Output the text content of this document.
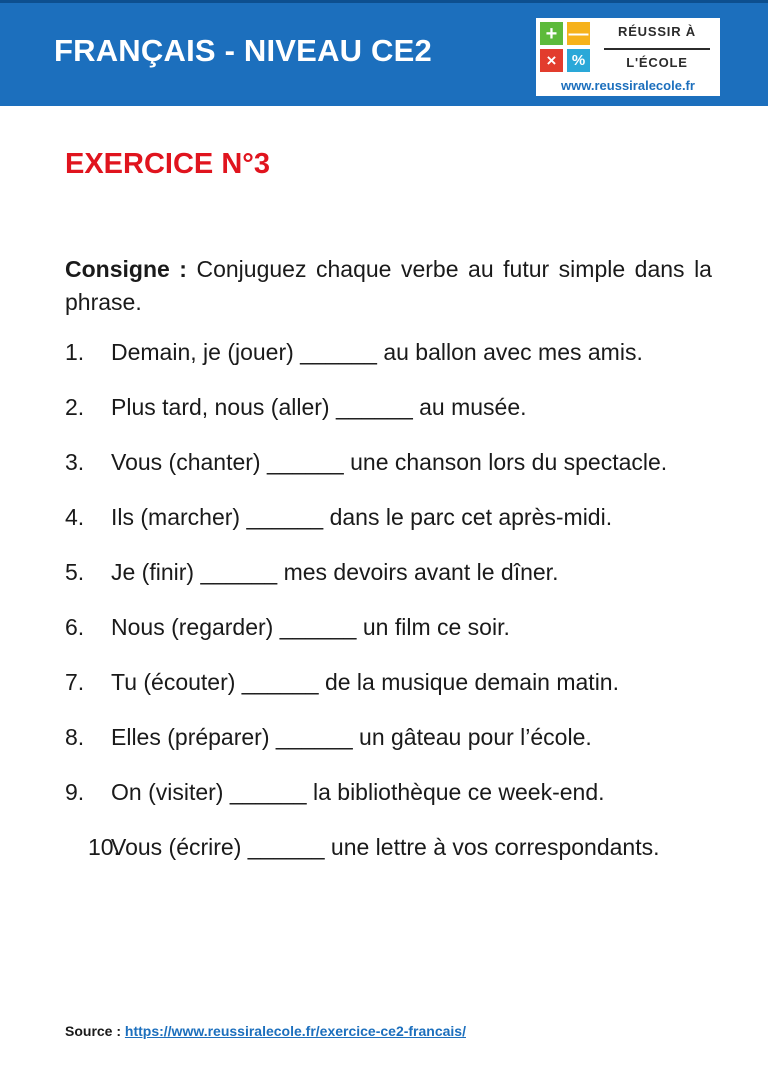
FRANÇAIS - NIVEAU CE2	+ —
×	%
RÉUSSIR À
L'ÉCOLE
www.reussiralecole.fr
EXERCICE N°3
Consigne : Conjuguez chaque verbe au futur simple dans la phrase.
1.	Demain, je (jouer) ______ au ballon avec mes amis.
2.	Plus tard, nous (aller) ______ au musée.
3.	Vous (chanter) ______ une chanson lors du spectacle.
4.	Ils (marcher) ______ dans le parc cet après-midi.
5.	Je (finir) ______ mes devoirs avant le dîner.
6.	Nous (regarder) ______ un film ce soir.
7.	Tu (écouter) ______ de la musique demain matin.
8.	Elles (préparer) ______ un gâteau pour l’école.
9.	On (visiter) ______ la bibliothèque ce week-end.
10.
Vous (écrire) ______ une lettre à vos correspondants.
Source : https://www.reussiralecole.fr/exercice-ce2-francais/
